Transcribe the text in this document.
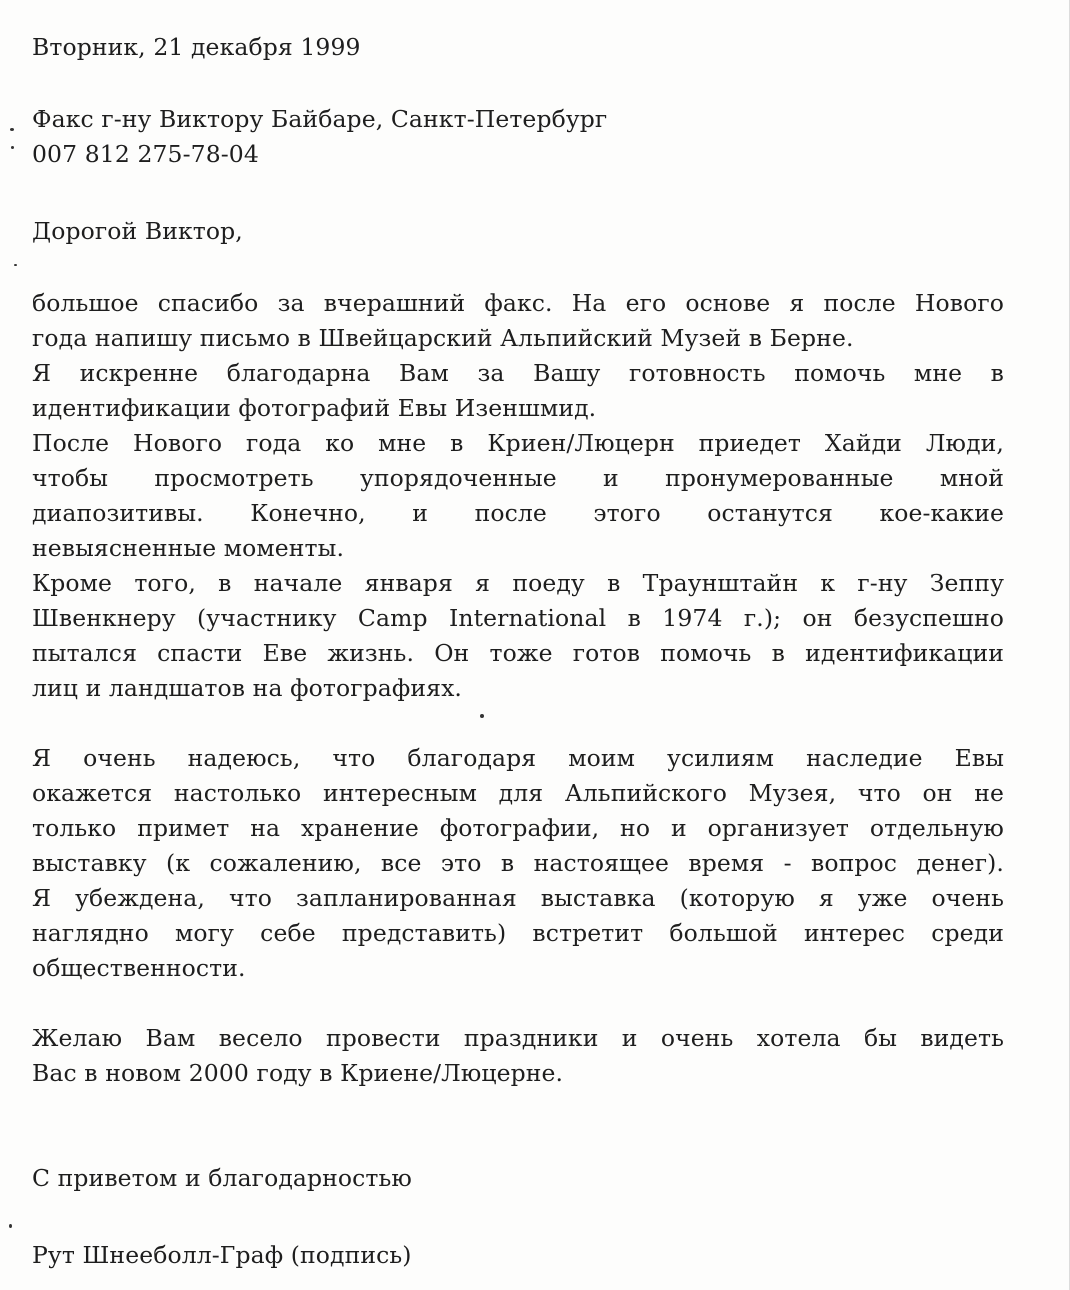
Вторник, 21 декабря 1999
Факс г-ну Виктору Байбаре, Санкт-Петербург
007 812 275-78-04
Дорогой Виктор,
большое спасибо за вчерашний факс. На его основе я после Нового
года напишу письмо в Швейцарский Альпийский Музей в Берне.
Я искренне благодарна Вам за Вашу готовность помочь мне в
идентификации фотографий Евы Изеншмид.
После Нового года ко мне в Криен/Люцерн приедет Хайди Люди,
чтобы просмотреть упорядоченные и пронумерованные мной
диапозитивы. Конечно, и после этого останутся кое-какие
невыясненные моменты.
Кроме того, в начале января я поеду в Траунштайн к г-ну Зеппу
Швенкнеру (участнику Camp International в 1974 г.); он безуспешно
пытался спасти Еве жизнь. Он тоже готов помочь в идентификации
лиц и ландшатов на фотографиях.
Я очень надеюсь, что благодаря моим усилиям наследие Евы
окажется настолько интересным для Альпийского Музея, что он не
только примет на хранение фотографии, но и организует отдельную
выставку (к сожалению, все это в настоящее время - вопрос денег).
Я убеждена, что запланированная выставка (которую я уже очень
наглядно могу себе представить) встретит большой интерес среди
общественности.
Желаю Вам весело провести праздники и очень хотела бы видеть
Вас в новом 2000 году в Криене/Люцерне.
С приветом и благодарностью
Рут Шнееболл-Граф (подпись)
